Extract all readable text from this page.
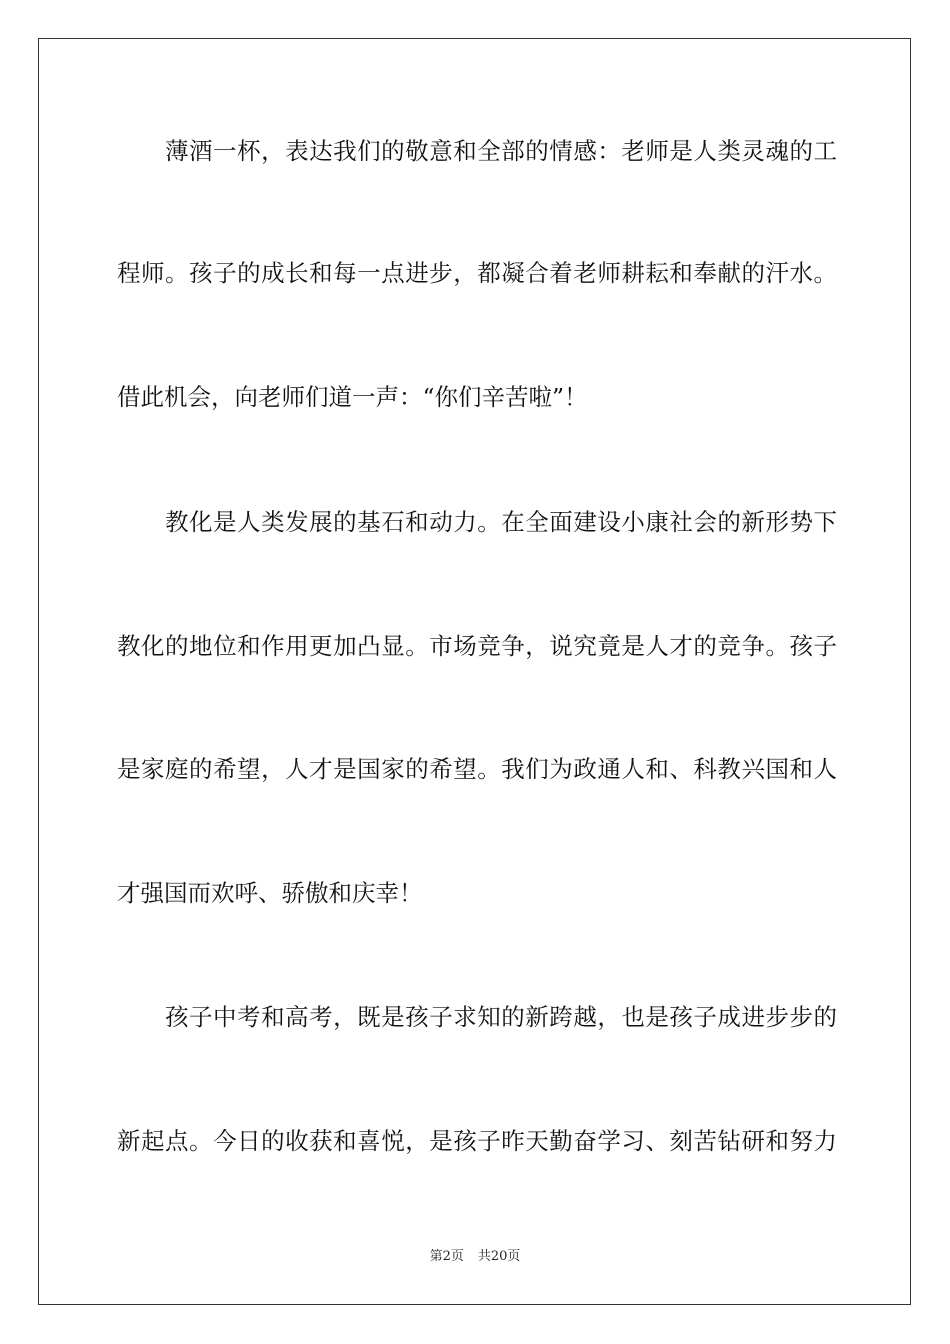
薄酒一杯，表达我们的敬意和全部的情感：老师是人类灵魂的工
程师。孩子的成长和每一点进步，都凝合着老师耕耘和奉献的汗水。
借此机会，向老师们道一声：“你们辛苦啦”！
教化是人类发展的基石和动力。在全面建设小康社会的新形势下
教化的地位和作用更加凸显。市场竞争，说究竟是人才的竞争。孩子
是家庭的希望，人才是国家的希望。我们为政通人和、科教兴国和人
才强国而欢呼、骄傲和庆幸！
孩子中考和高考，既是孩子求知的新跨越，也是孩子成进步步的
新起点。今日的收获和喜悦，是孩子昨天勤奋学习、刻苦钻研和努力
第2页 共20页
